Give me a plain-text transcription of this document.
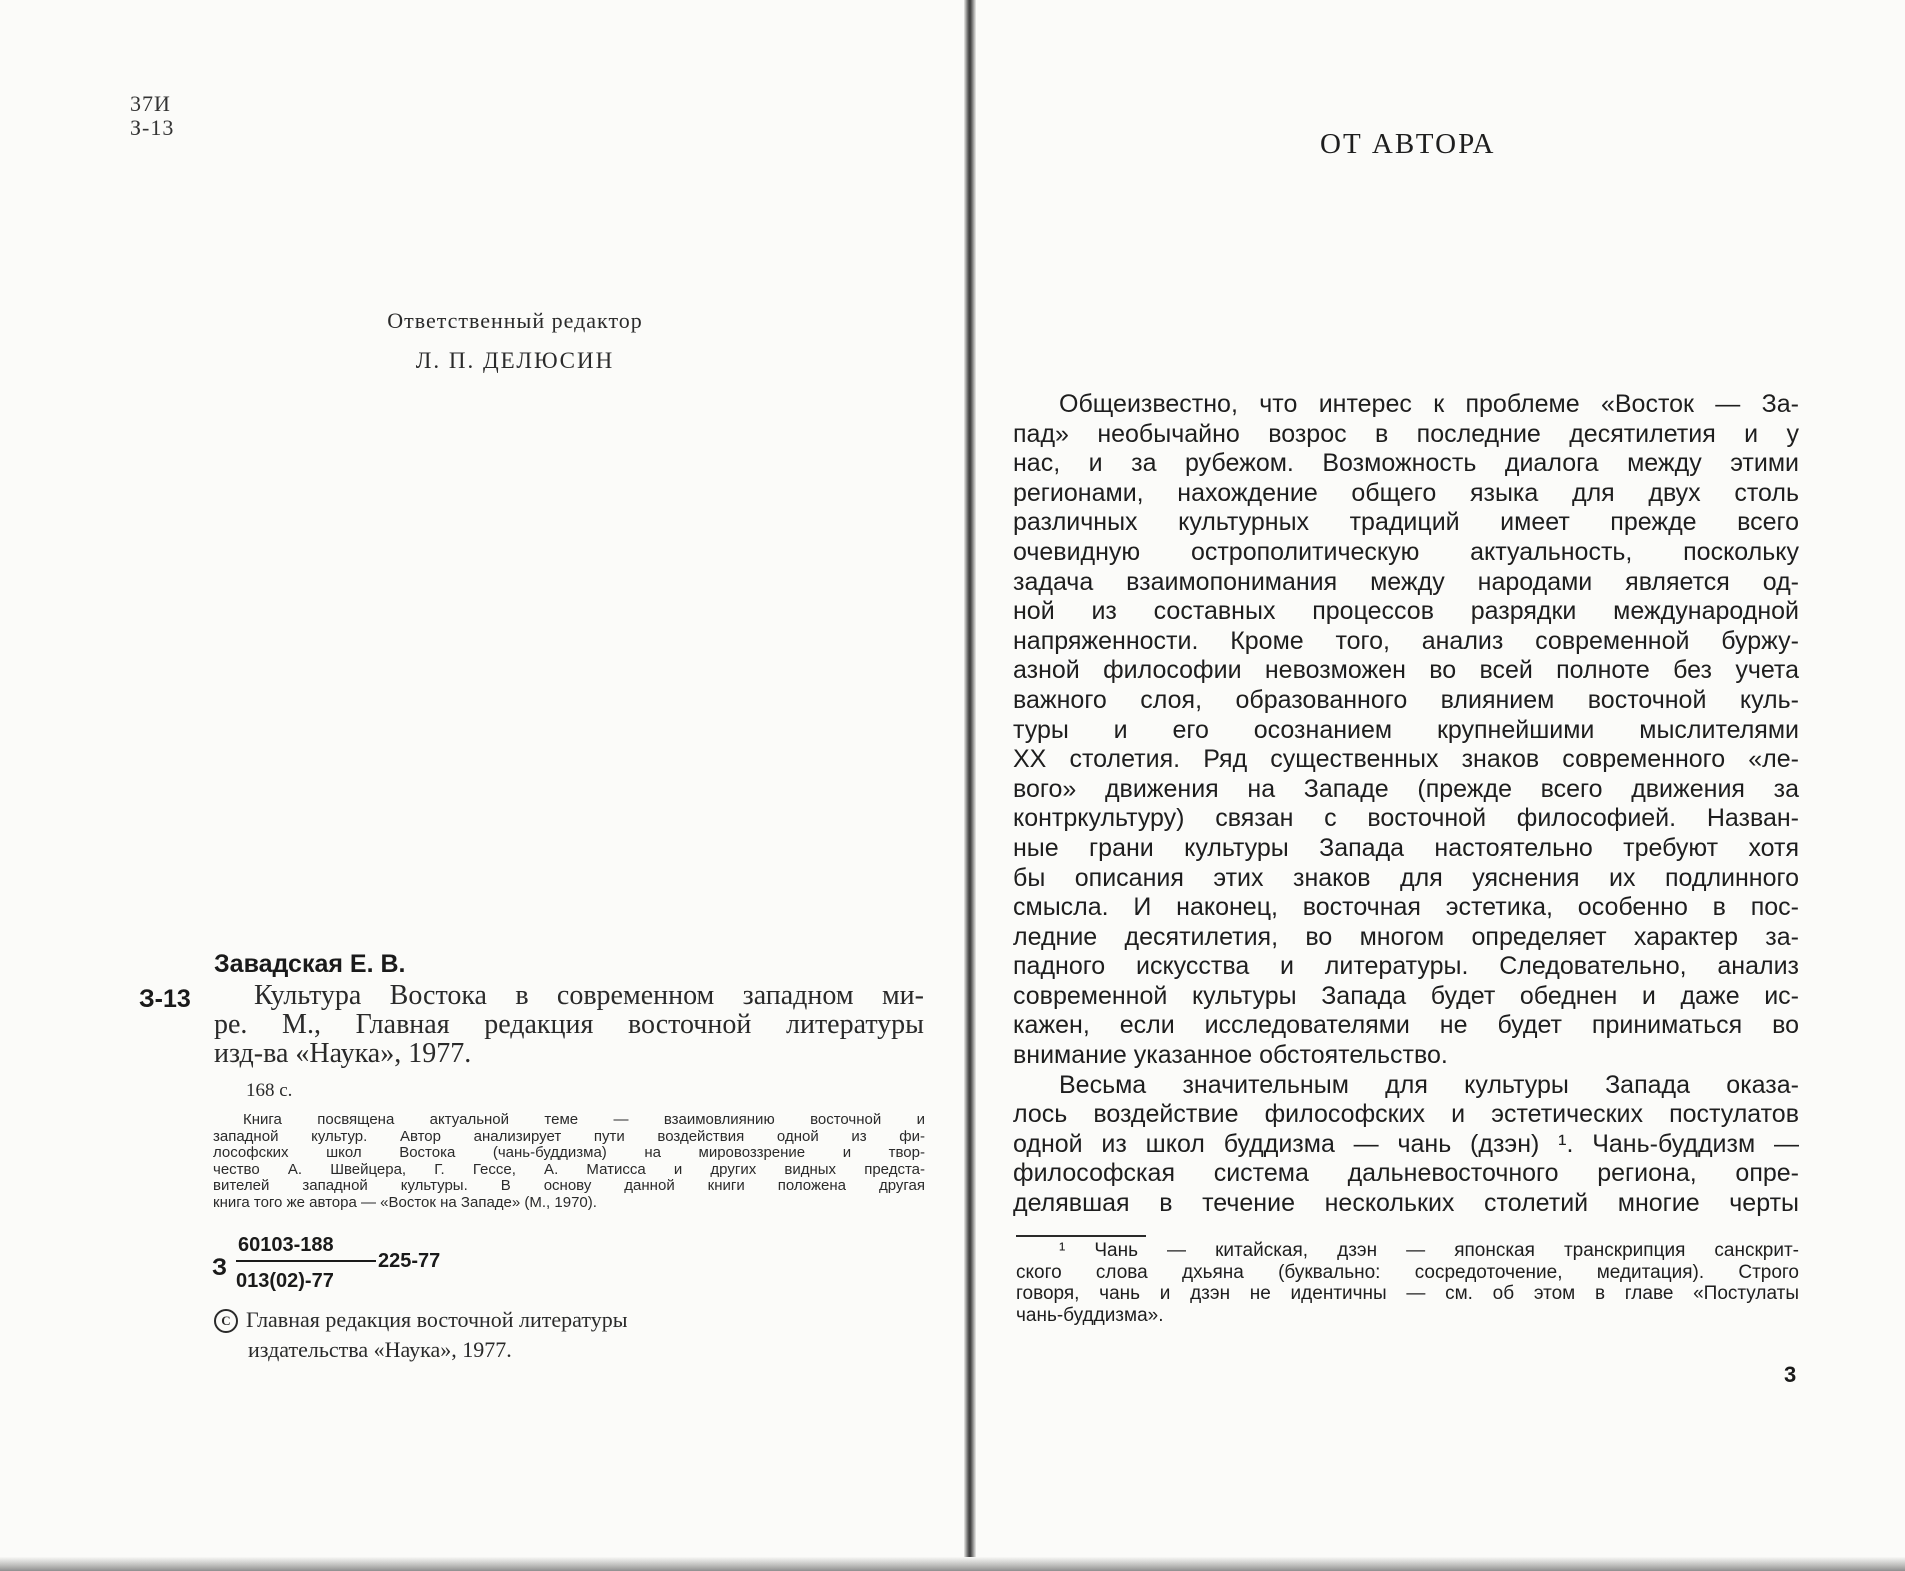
37И
З-13
Ответственный редактор
Л. П. ДЕЛЮСИН
Завадская Е. В.
З-13	Культура Востока в современном западном ми-
ре. М., Главная редакция восточной литературы
изд-ва «Наука», 1977.
168 с.
Книга посвящена актуальной теме — взаимовлиянию восточной и
западной культур. Автор анализирует пути воздействия одной из фи-
лософских школ Востока (чань-буддизма) на мировоззрение и твор-
чество А. Швейцера, Г. Гессе, А. Матисса и других видных предста-
вителей западной культуры. В основу данной книги положена другая
книга того же автора — «Восток на Западе» (М., 1970).
З
60103-188
013(02)-77
225-77
C Главная редакция восточной литературы
издательства «Наука», 1977.
ОТ АВТОРА
Общеизвестно, что интерес к проблеме «Восток — За-
пад» необычайно возрос в последние десятилетия и у
нас, и за рубежом. Возможность диалога между этими
регионами, нахождение общего языка для двух столь
различных культурных традиций имеет прежде всего
очевидную острополитическую актуальность, поскольку
задача взаимопонимания между народами является од-
ной из составных процессов разрядки международной
напряженности. Кроме того, анализ современной буржу-
азной философии невозможен во всей полноте без учета
важного слоя, образованного влиянием восточной куль-
туры и его осознанием крупнейшими мыслителями
XX столетия. Ряд существенных знаков современного «ле-
вого» движения на Западе (прежде всего движения за
контркультуру) связан с восточной философией. Назван-
ные грани культуры Запада настоятельно требуют хотя
бы описания этих знаков для уяснения их подлинного
смысла. И наконец, восточная эстетика, особенно в пос-
ледние десятилетия, во многом определяет характер за-
падного искусства и литературы. Следовательно, анализ
современной культуры Запада будет обеднен и даже ис-
кажен, если исследователями не будет приниматься во
внимание указанное обстоятельство.
Весьма значительным для культуры Запада оказа-
лось воздействие философских и эстетических постулатов
одной из школ буддизма — чань (дзэн) ¹. Чань-буддизм —
философская система дальневосточного региона, опре-
делявшая в течение нескольких столетий многие черты
¹ Чань — китайская, дзэн — японская транскрипция санскрит-
ского слова дхьяна (буквально: сосредоточение, медитация). Строго
говоря, чань и дзэн не идентичны — см. об этом в главе «Постулаты
чань-буддизма».
3
